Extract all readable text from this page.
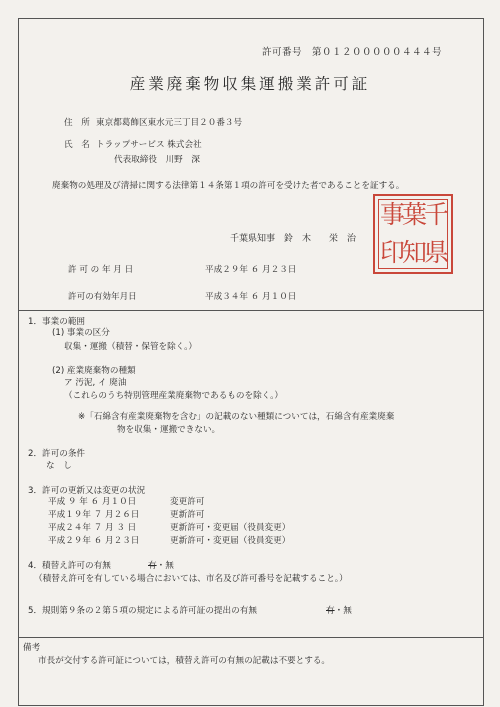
許可番号　第０１２０００００４４４号
産業廃棄物収集運搬業許可証
住　所 東京都葛飾区東水元三丁目２０番３号
氏　名 トラップサービス 株式会社
代表取締役　川野　深
廃棄物の処理及び清掃に関する法律第１４条第１項の許可を受けた者であることを証する。
千葉県知事　鈴　木　　栄　治
千
葉
県
知
事
印
許 可 の 年 月 日	平成２９年 ６ 月２３日
許可の有効年月日	平成３４年 ６ 月１０日
1．事業の範囲
(1) 事業の区分
収集・運搬（積替・保管を除く。）
(2) 産業廃棄物の種類
ア 汚泥, イ 廃油
（これらのうち特別管理産業廃棄物であるものを除く。）
※「石綿含有産業廃棄物を含む」の記載のない種類については，石綿含有産業廃棄
物を収集・運搬できない。
2．許可の条件
な　し
3．許可の更新又は変更の状況
平成 ９ 年 ６ 月１０日	変更許可
平成１９年 ７ 月２６日	更新許可
平成２４年 ７ 月 ３ 日	更新許可・変更届（役員変更）
平成２９年 ６ 月２３日	更新許可・変更届（役員変更）
4．積替え許可の有無	有・無
（積替え許可を有している場合においては、市名及び許可番号を記載すること。）
5．規則第９条の２第５項の規定による許可証の提出の有無	有・無
備考
市長が交付する許可証については，積替え許可の有無の記載は不要とする。
